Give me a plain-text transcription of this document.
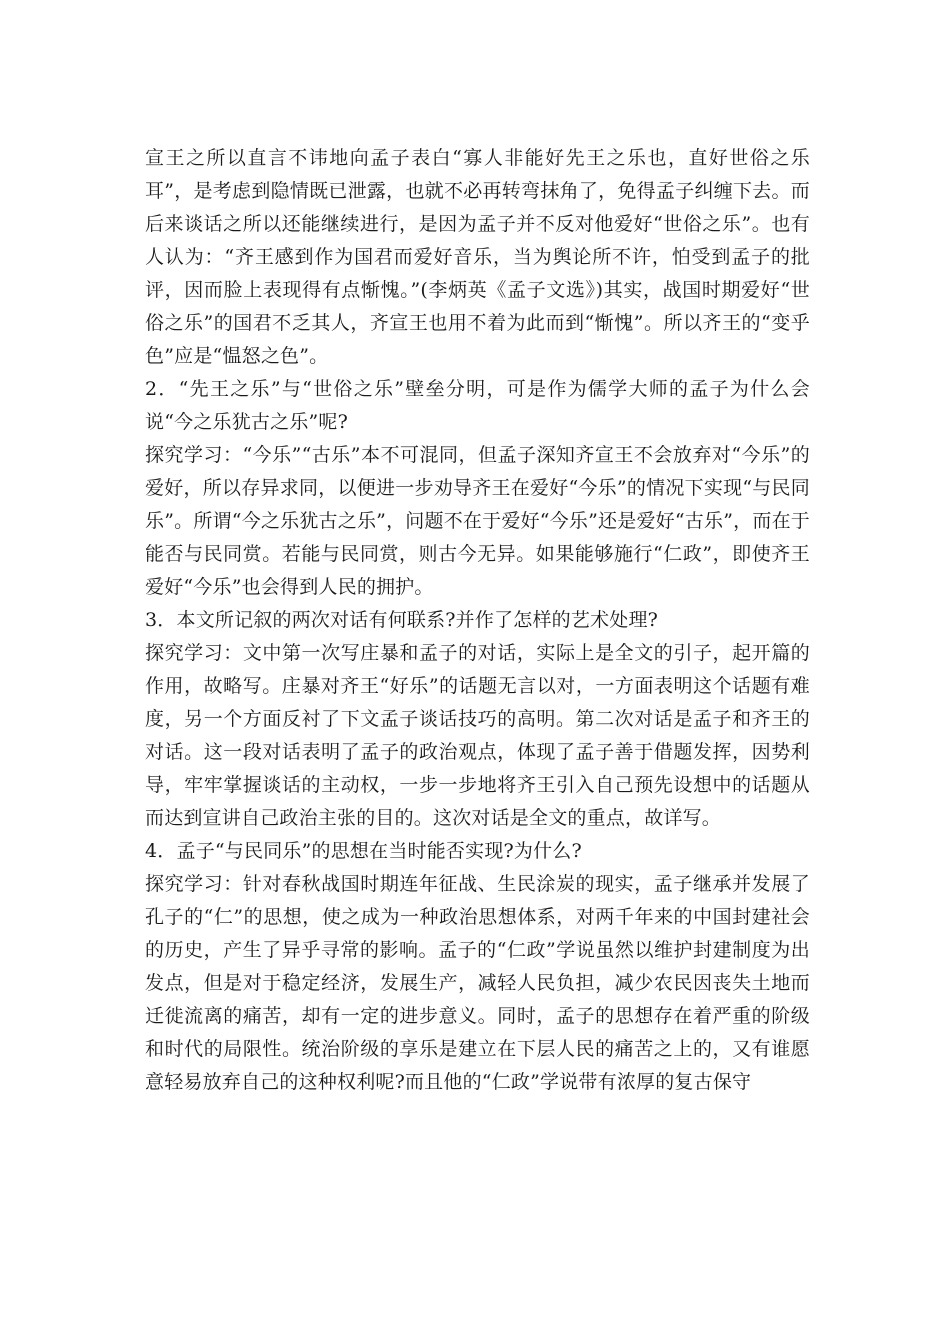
宣王之所以直言不讳地向孟子表白“寡人非能好先王之乐也，直好世俗之乐耳”，是考虑到隐情既已泄露，也就不必再转弯抹角了，免得孟子纠缠下去。而后来谈话之所以还能继续进行，是因为孟子并不反对他爱好“世俗之乐”。也有人认为：“齐王感到作为国君而爱好音乐，当为舆论所不许，怕受到孟子的批评，因而脸上表现得有点惭愧。”(李炳英《孟子文选》)其实，战国时期爱好“世俗之乐”的国君不乏其人，齐宣王也用不着为此而到“惭愧”。所以齐王的“变乎色”应是“愠怒之色”。

2．“先王之乐”与“世俗之乐”壁垒分明，可是作为儒学大师的孟子为什么会说“今之乐犹古之乐”呢?

探究学习：“今乐”“古乐”本不可混同，但孟子深知齐宣王不会放弃对“今乐”的爱好，所以存异求同，以便进一步劝导齐王在爱好“今乐”的情况下实现“与民同乐”。所谓“今之乐犹古之乐”，问题不在于爱好“今乐”还是爱好“古乐”，而在于能否与民同赏。若能与民同赏，则古今无异。如果能够施行“仁政”，即使齐王爱好“今乐”也会得到人民的拥护。

3．本文所记叙的两次对话有何联系?并作了怎样的艺术处理?

探究学习：文中第一次写庄暴和孟子的对话，实际上是全文的引子，起开篇的作用，故略写。庄暴对齐王“好乐”的话题无言以对，一方面表明这个话题有难度，另一个方面反衬了下文孟子谈话技巧的高明。第二次对话是孟子和齐王的对话。这一段对话表明了孟子的政治观点，体现了孟子善于借题发挥，因势利导，牢牢掌握谈话的主动权，一步一步地将齐王引入自己预先设想中的话题从而达到宣讲自己政治主张的目的。这次对话是全文的重点，故详写。

4．孟子“与民同乐”的思想在当时能否实现?为什么?

探究学习：针对春秋战国时期连年征战、生民涂炭的现实，孟子继承并发展了孔子的“仁”的思想，使之成为一种政治思想体系，对两千年来的中国封建社会的历史，产生了异乎寻常的影响。孟子的“仁政”学说虽然以维护封建制度为出发点，但是对于稳定经济，发展生产，减轻人民负担，减少农民因丧失土地而迁徙流离的痛苦，却有一定的进步意义。同时，孟子的思想存在着严重的阶级和时代的局限性。统治阶级的享乐是建立在下层人民的痛苦之上的，又有谁愿意轻易放弃自己的这种权利呢?而且他的“仁政”学说带有浓厚的复古保守
